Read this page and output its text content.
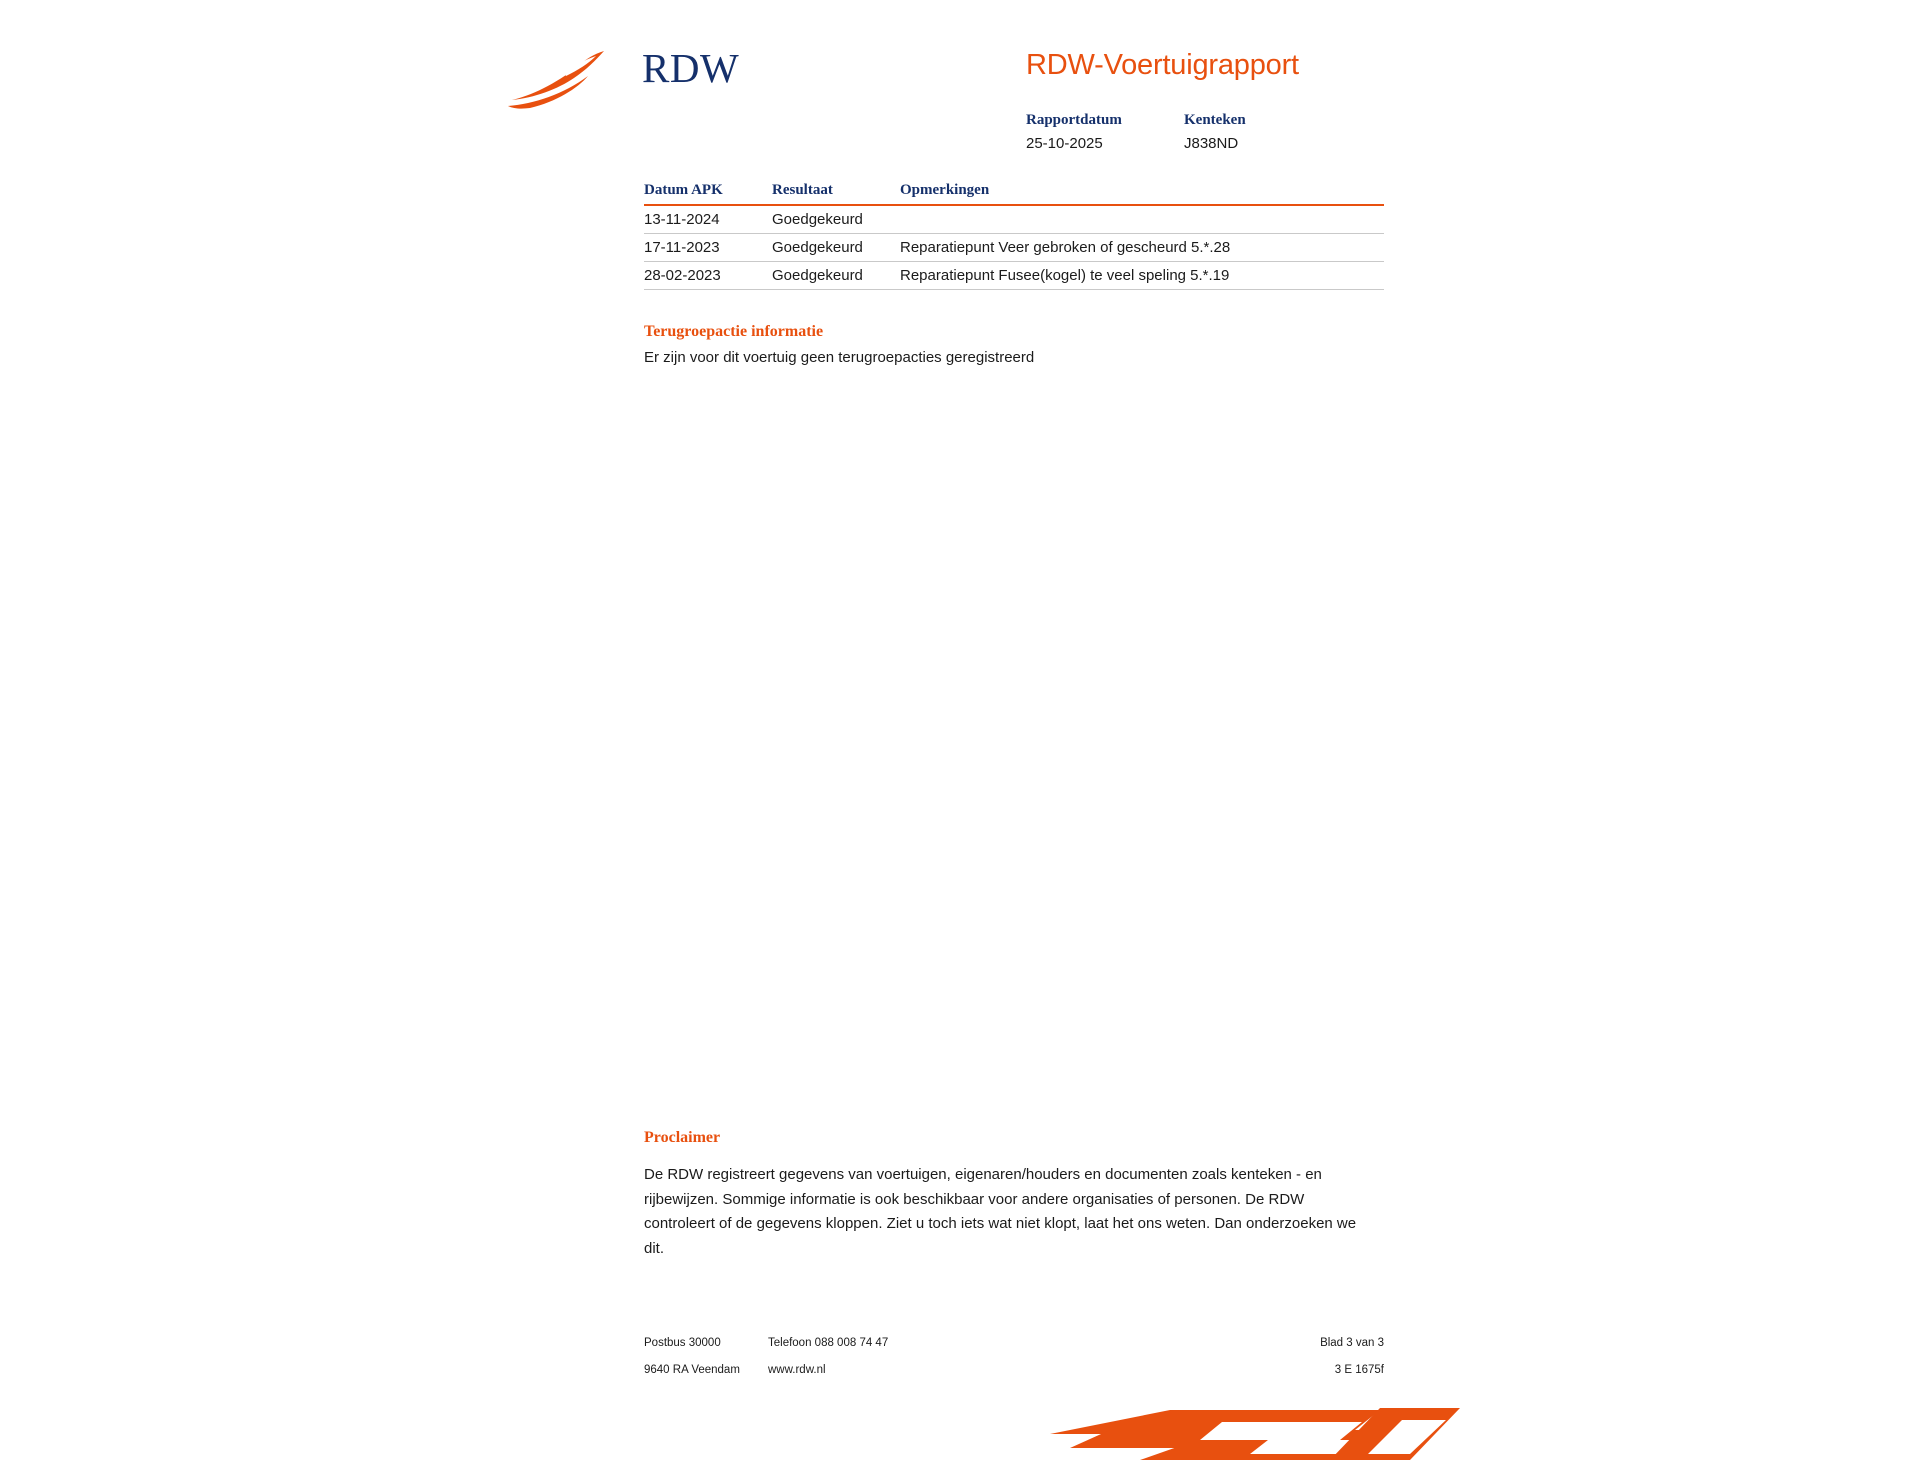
RDW	RDW-Voertuigrapport
Rapportdatum
25-10-2025
Kenteken
J838ND
Datum APK	Resultaat	Opmerkingen
13-11-2024	Goedgekeurd	
17-11-2023	Goedgekeurd	Reparatiepunt Veer gebroken of gescheurd 5.*.28
28-02-2023	Goedgekeurd	Reparatiepunt Fusee(kogel) te veel speling 5.*.19
Terugroepactie informatie
Er zijn voor dit voertuig geen terugroepacties geregistreerd
Proclaimer
De RDW registreert gegevens van voertuigen, eigenaren/houders en documenten zoals kenteken - en rijbewijzen. Sommige informatie is ook beschikbaar voor andere organisaties of personen. De RDW controleert of de gegevens kloppen. Ziet u toch iets wat niet klopt, laat het ons weten. Dan onderzoeken we dit.
Postbus 30000	Telefoon 088 008 74 47	Blad 3 van 3
9640 RA Veendam www.rdw.nl	3 E 1675f
